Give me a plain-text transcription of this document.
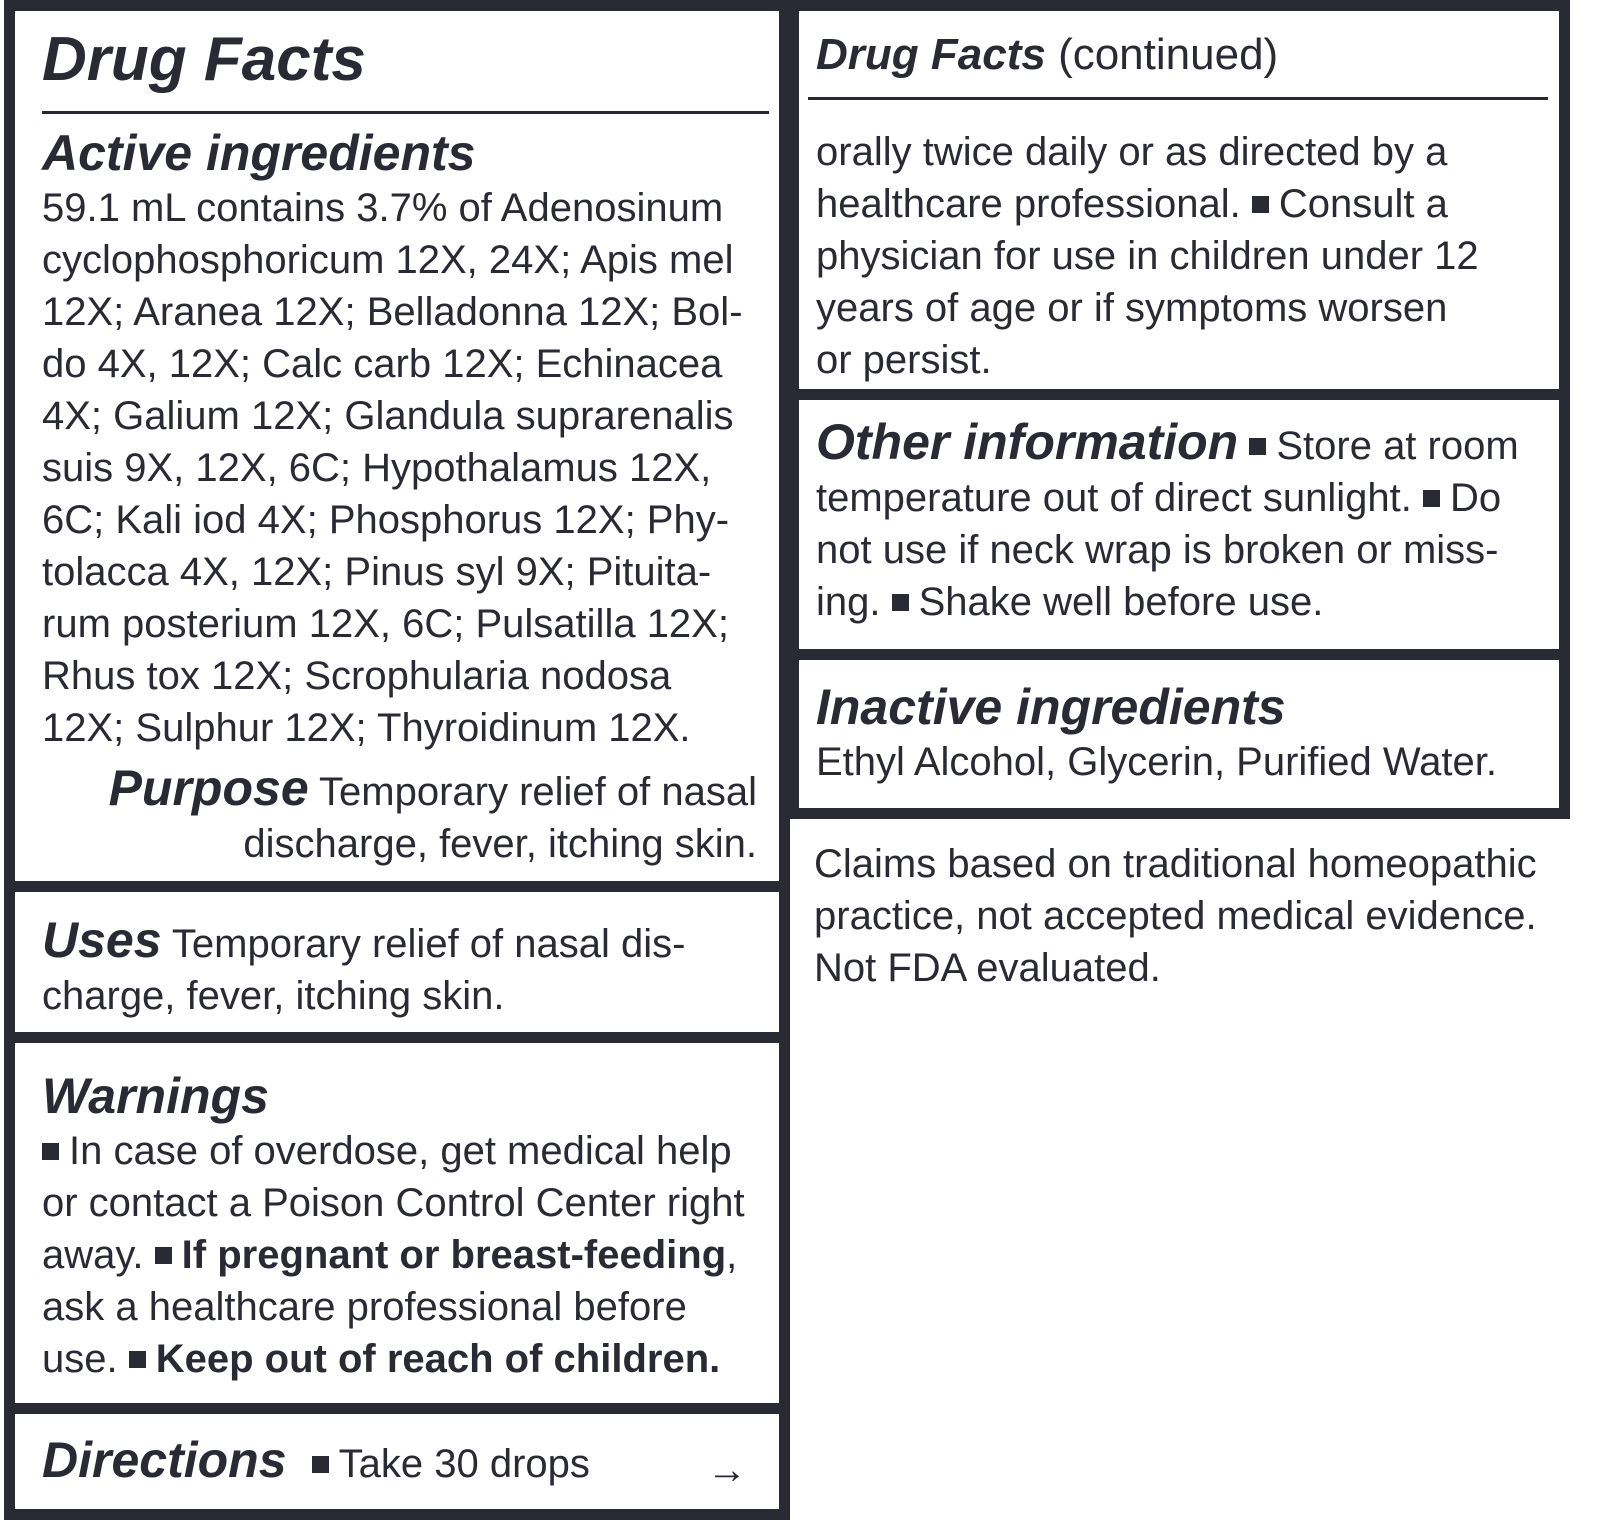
Drug Facts
Active ingredients
59.1 mL contains 3.7% of Adenosinum
cyclophosphoricum 12X, 24X; Apis mel
12X; Aranea 12X; Belladonna 12X; Bol-
do 4X, 12X; Calc carb 12X; Echinacea
4X; Galium 12X; Glandula suprarenalis
suis 9X, 12X, 6C; Hypothalamus 12X,
6C; Kali iod 4X; Phosphorus 12X; Phy-
tolacca 4X, 12X; Pinus syl 9X; Pituita-
rum posterium 12X, 6C; Pulsatilla 12X;
Rhus tox 12X; Scrophularia nodosa
12X; Sulphur 12X; Thyroidinum 12X.
Purpose Temporary relief of nasal
discharge, fever, itching skin.
Uses Temporary relief of nasal dis-
charge, fever, itching skin.
Warnings
In case of overdose, get medical help
or contact a Poison Control Center right
away. If pregnant or breast-feeding,
ask a healthcare professional before
use. Keep out of reach of children.
Directions Take 30 drops	→
Drug Facts (continued)
orally twice daily or as directed by a
healthcare professional. Consult a
physician for use in children under 12
years of age or if symptoms worsen
or persist.
Other information Store at room
temperature out of direct sunlight. Do
not use if neck wrap is broken or miss-
ing. Shake well before use.
Inactive ingredients
Ethyl Alcohol, Glycerin, Purified Water.
Claims based on traditional homeopathic
practice, not accepted medical evidence.
Not FDA evaluated.
